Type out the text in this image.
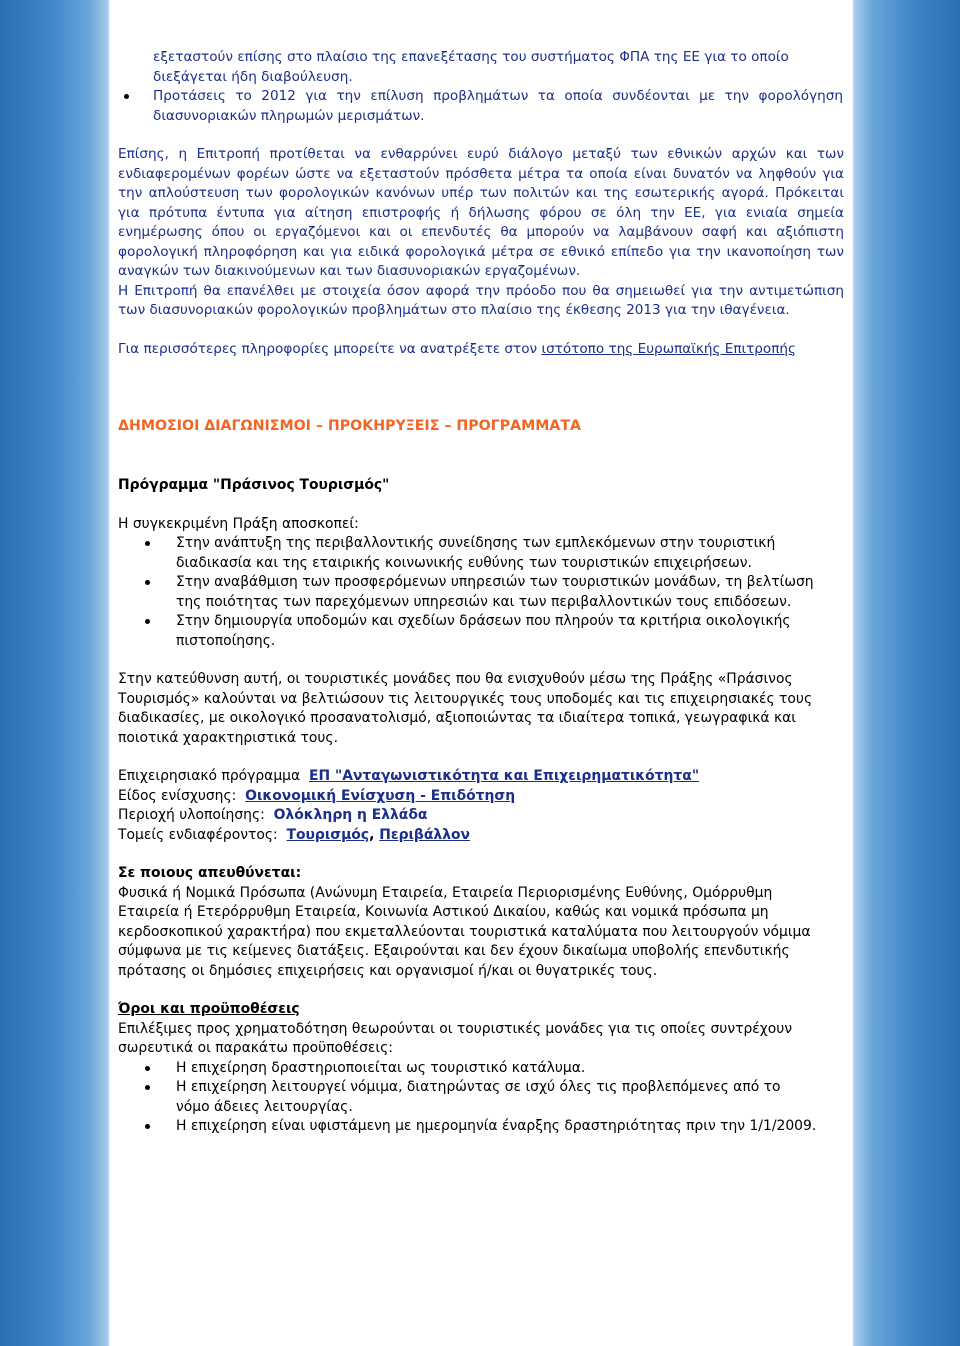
εξεταστούν επίσης στο πλαίσιο της επανεξέτασης του συστήματος ΦΠΑ της ΕΕ για το οποίο διεξάγεται ήδη διαβούλευση.

Προτάσεις το 2012 για την επίλυση προβλημάτων τα οποία συνδέονται με την φορολόγηση διασυνοριακών πληρωμών μερισμάτων.

Επίσης, η Επιτροπή προτίθεται να ενθαρρύνει ευρύ διάλογο μεταξύ των εθνικών αρχών και των ενδιαφερομένων φορέων ώστε να εξεταστούν πρόσθετα μέτρα τα οποία είναι δυνατόν να ληφθούν για την απλούστευση των φορολογικών κανόνων υπέρ των πολιτών και της εσωτερικής αγορά. Πρόκειται για πρότυπα έντυπα για αίτηση επιστροφής ή δήλωσης φόρου σε όλη την ΕΕ, για ενιαία σημεία ενημέρωσης όπου οι εργαζόμενοι και οι επενδυτές θα μπορούν να λαμβάνουν σαφή και αξιόπιστη φορολογική πληροφόρηση και για ειδικά φορολογικά μέτρα σε εθνικό επίπεδο για την ικανοποίηση των αναγκών των διακινούμενων και των διασυνοριακών εργαζομένων.

Η Επιτροπή θα επανέλθει με στοιχεία όσον αφορά την πρόοδο που θα σημειωθεί για την αντιμετώπιση των διασυνοριακών φορολογικών προβλημάτων στο πλαίσιο της έκθεσης 2013 για την ιθαγένεια.

Για περισσότερες πληροφορίες μπορείτε να ανατρέξετε στον ιστότοπο της Ευρωπαϊκής Επιτροπής

ΔΗΜΟΣΙΟΙ ΔΙΑΓΩΝΙΣΜΟΙ – ΠΡΟΚΗΡΥΞΕΙΣ – ΠΡΟΓΡΑΜΜΑΤΑ

Πρόγραμμα "Πράσινος Τουρισμός"

Η συγκεκριμένη Πράξη αποσκοπεί:

Στην ανάπτυξη της περιβαλλοντικής συνείδησης των εμπλεκόμενων στην τουριστική διαδικασία και της εταιρικής κοινωνικής ευθύνης των τουριστικών επιχειρήσεων.
Στην αναβάθμιση των προσφερόμενων υπηρεσιών των τουριστικών μονάδων, τη βελτίωση της ποιότητας των παρεχόμενων υπηρεσιών και των περιβαλλοντικών τους επιδόσεων.
Στην δημιουργία υποδομών και σχεδίων δράσεων που πληρούν τα κριτήρια οικολογικής πιστοποίησης.

Στην κατεύθυνση αυτή, οι τουριστικές μονάδες που θα ενισχυθούν μέσω της Πράξης «Πράσινος Τουρισμός» καλούνται να βελτιώσουν τις λειτουργικές τους υποδομές και τις επιχειρησιακές τους διαδικασίες, με οικολογικό προσανατολισμό, αξιοποιώντας τα ιδιαίτερα τοπικά, γεωγραφικά και ποιοτικά χαρακτηριστικά τους.

Επιχειρησιακό πρόγραμμα ΕΠ "Ανταγωνιστικότητα και Επιχειρηματικότητα"

Είδος ενίσχυσης: Οικονομική Ενίσχυση - Επιδότηση

Περιοχή υλοποίησης: Ολόκληρη η Ελλάδα

Τομείς ενδιαφέροντος: Τουρισμός, Περιβάλλον

Σε ποιους απευθύνεται:

Φυσικά ή Νομικά Πρόσωπα (Ανώνυμη Εταιρεία, Εταιρεία Περιορισμένης Ευθύνης, Ομόρρυθμη Εταιρεία ή Ετερόρρυθμη Εταιρεία, Κοινωνία Αστικού Δικαίου, καθώς και νομικά πρόσωπα μη κερδοσκοπικού χαρακτήρα) που εκμεταλλεύονται τουριστικά καταλύματα που λειτουργούν νόμιμα σύμφωνα με τις κείμενες διατάξεις. Εξαιρούνται και δεν έχουν δικαίωμα υποβολής επενδυτικής πρότασης οι δημόσιες επιχειρήσεις και οργανισμοί ή/και οι θυγατρικές τους.

Όροι και προϋποθέσεις

Επιλέξιμες προς χρηματοδότηση θεωρούνται οι τουριστικές μονάδες για τις οποίες συντρέχουν σωρευτικά οι παρακάτω προϋποθέσεις:

Η επιχείρηση δραστηριοποιείται ως τουριστικό κατάλυμα.
Η επιχείρηση λειτουργεί νόμιμα, διατηρώντας σε ισχύ όλες τις προβλεπόμενες από το νόμο άδειες λειτουργίας.
Η επιχείρηση είναι υφιστάμενη με ημερομηνία έναρξης δραστηριότητας πριν την 1/1/2009.
